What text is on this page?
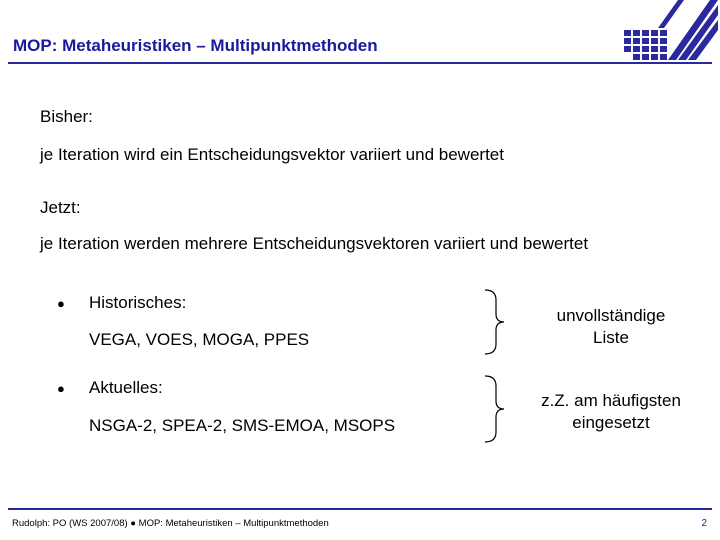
MOP: Metaheuristiken – Multipunktmethoden
Bisher:
je Iteration wird ein Entscheidungsvektor variiert und bewertet
Jetzt:
je Iteration werden mehrere Entscheidungsvektoren variiert und bewertet
● Historisches:
VEGA, VOES, MOGA, PPES
unvollständige
Liste
● Aktuelles:
NSGA-2, SPEA-2, SMS-EMOA, MSOPS
z.Z. am häufigsten
eingesetzt
Rudolph: PO (WS 2007/08) ● MOP: Metaheuristiken – Multipunktmethoden	2
